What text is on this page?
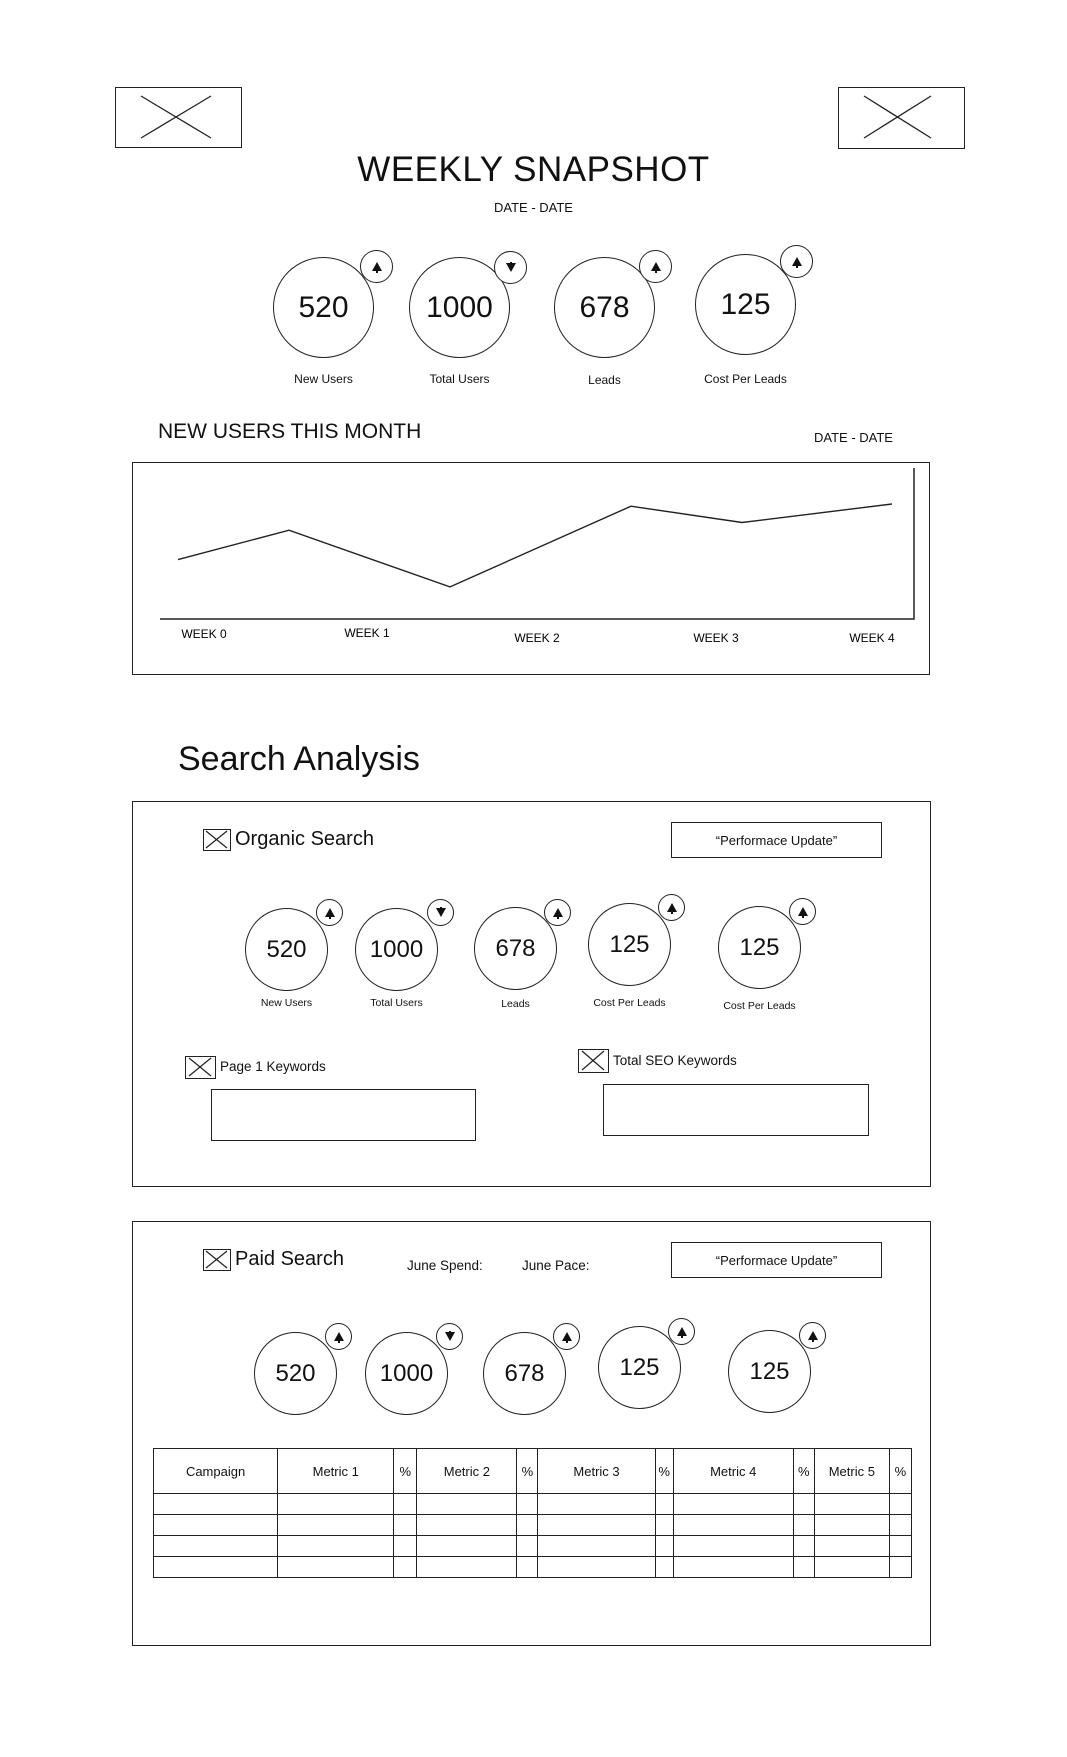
WEEKLY SNAPSHOT
DATE - DATE
520
New Users
1000
Total Users
678
Leads
125
Cost Per Leads
NEW USERS THIS MONTH	DATE - DATE
WEEK 0	WEEK 1	WEEK 2	WEEK 3	WEEK 4
Search Analysis
Organic Search	“Performace Update”
520
New Users
1000
Total Users
678
Leads
125
Cost Per Leads
125
Cost Per Leads
Page 1 Keywords	Total SEO Keywords
Paid Search	June Spend:	June Pace:	“Performace Update”
520	1000	678	125	125
Campaign	Metric 1	%	Metric 2	%	Metric 3	%	Metric 4	%	Metric 5	%
